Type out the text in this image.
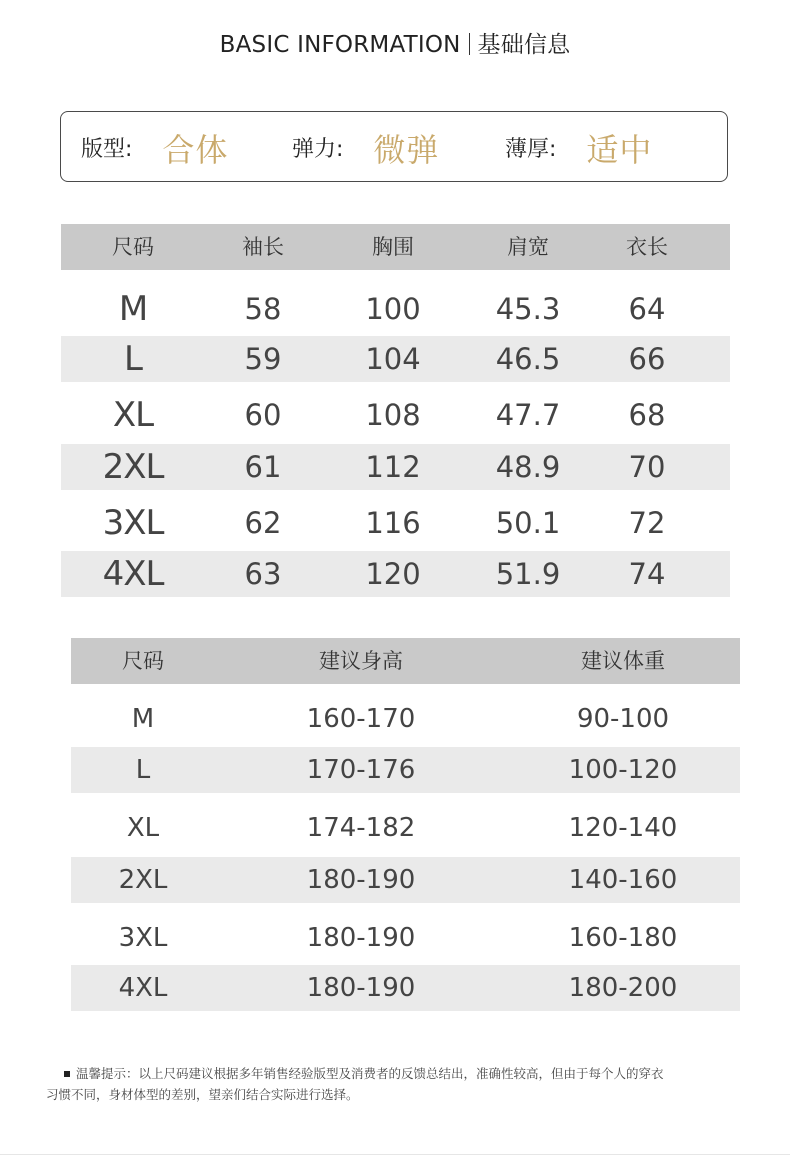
BASIC INFORMATION 基础信息
版型: 合体	弹力: 微弹	薄厚: 适中
尺码	袖长	胸围	肩宽	衣长
M	58	100	45.3	64
L	59	104	46.5	66
XL	60	108	47.7	68
2XL	61	112	48.9	70
3XL	62	116	50.1	72
4XL	63	120	51.9	74
尺码	建议身高	建议体重
M	160-170	90-100
L	170-176	100-120
XL	174-182	120-140
2XL	180-190	140-160
3XL	180-190	160-180
4XL	180-190	180-200
温馨提示：以上尺码建议根据多年销售经验版型及消费者的反馈总结出，准确性较高，但由于每个人的穿衣
习惯不同，身材体型的差别，望亲们结合实际进行选择。
